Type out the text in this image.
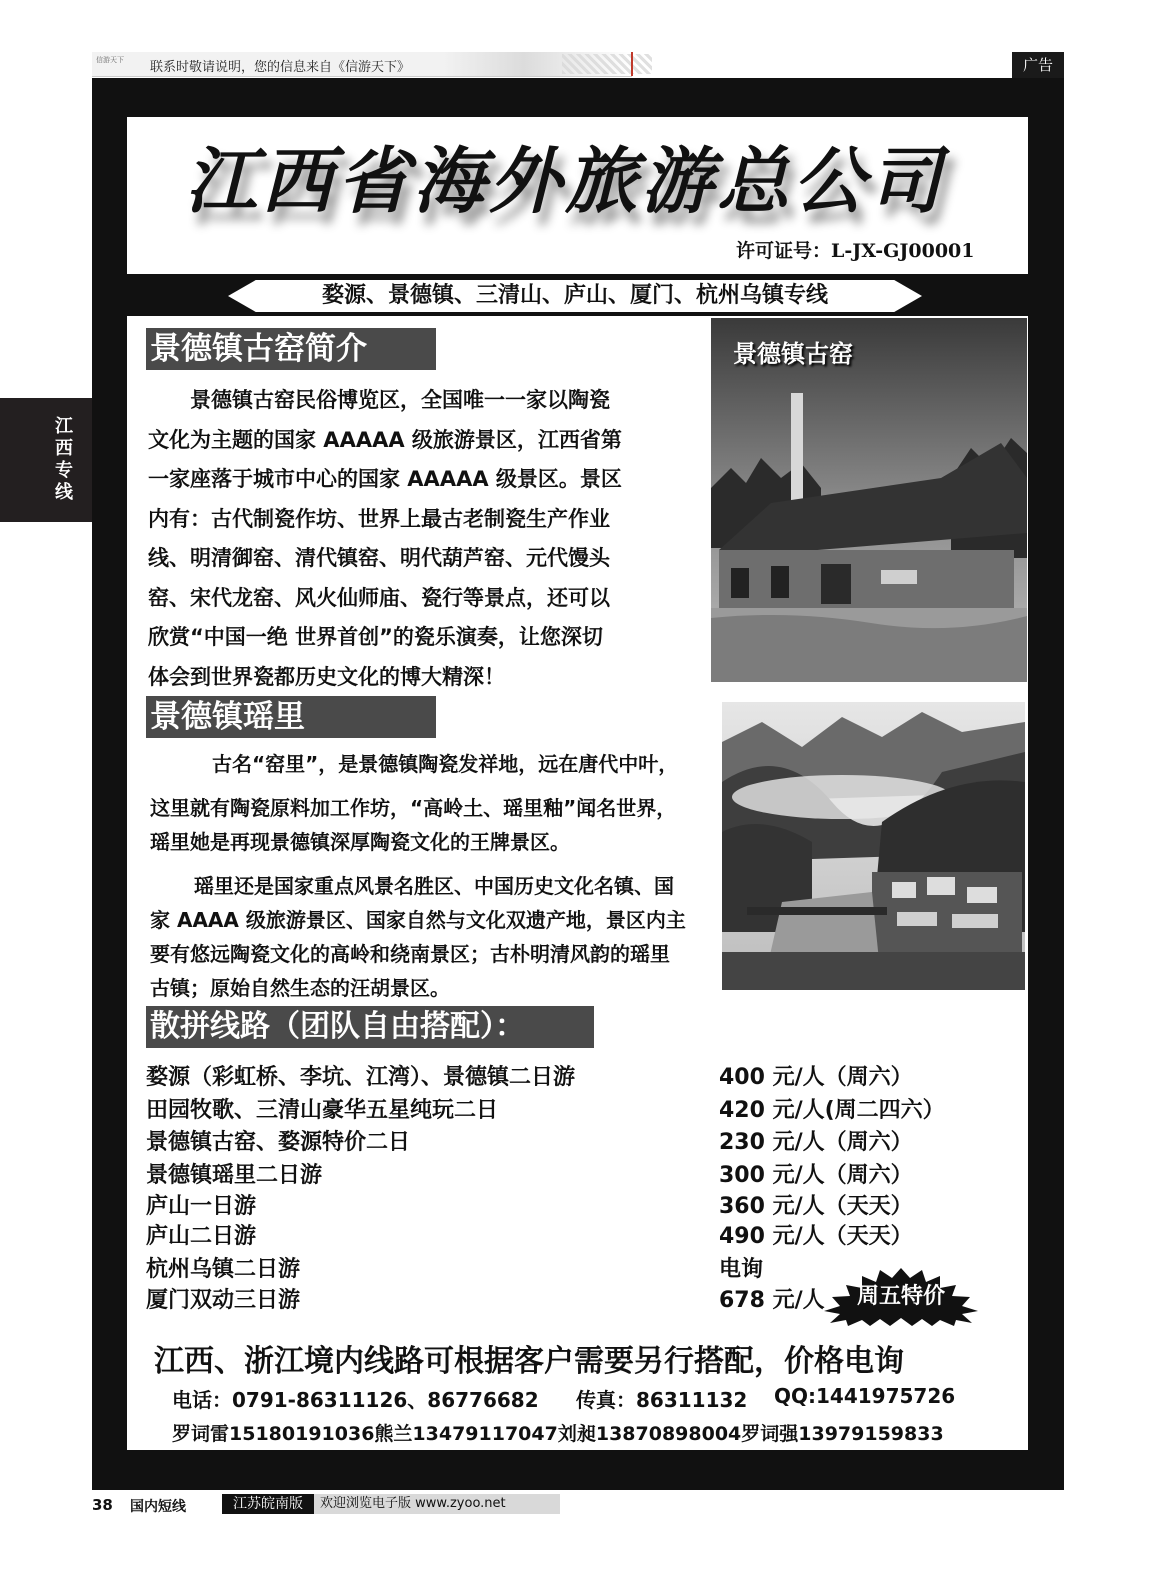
信游天下	联系时敬请说明，您的信息来自《信游天下》	广告
江西专线
江西省海外旅游总公司
许可证号：L-JX-GJ00001
婺源、景德镇、三清山、庐山、厦门、杭州乌镇专线
景德镇古窑简介
　　景德镇古窑民俗博览区，全国唯一一家以陶瓷
文化为主题的国家 AAAAA 级旅游景区，江西省第
一家座落于城市中心的国家 AAAAA 级景区。景区
内有：古代制瓷作坊、世界上最古老制瓷生产作业
线、明清御窑、清代镇窑、明代葫芦窑、元代馒头
窑、宋代龙窑、风火仙师庙、瓷行等景点，还可以
欣赏“中国一绝 世界首创”的瓷乐演奏，让您深切
体会到世界瓷都历史文化的博大精深！
景德镇古窑
景德镇瑶里
古名“窑里”，是景德镇陶瓷发祥地，远在唐代中叶，
这里就有陶瓷原料加工作坊，“高岭土、瑶里釉”闻名世界，
瑶里她是再现景德镇深厚陶瓷文化的王牌景区。
瑶里还是国家重点风景名胜区、中国历史文化名镇、国
家 AAAA 级旅游景区、国家自然与文化双遗产地，景区内主
要有悠远陶瓷文化的高岭和绕南景区；古朴明清风韵的瑶里
古镇；原始自然生态的汪胡景区。
散拼线路（团队自由搭配）：
婺源（彩虹桥、李坑、江湾）、景德镇二日游	400 元/人（周六）
田园牧歌、三清山豪华五星纯玩二日	420 元/人(周二四六）
景德镇古窑、婺源特价二日	230 元/人（周六）
景德镇瑶里二日游	300 元/人（周六）
庐山一日游	360 元/人（天天）
庐山二日游	490 元/人（天天）
杭州乌镇二日游	电询
厦门双动三日游	678 元/人	周五特价
江西、浙江境内线路可根据客户需要另行搭配，价格电询
电话：0791-86311126、86776682 传真：86311132 QQ:1441975726
罗词雷15180191036熊兰13479117047刘昶13870898004罗词强13979159833
38 国内短线	江苏皖南版	欢迎浏览电子版 www.zyoo.net
